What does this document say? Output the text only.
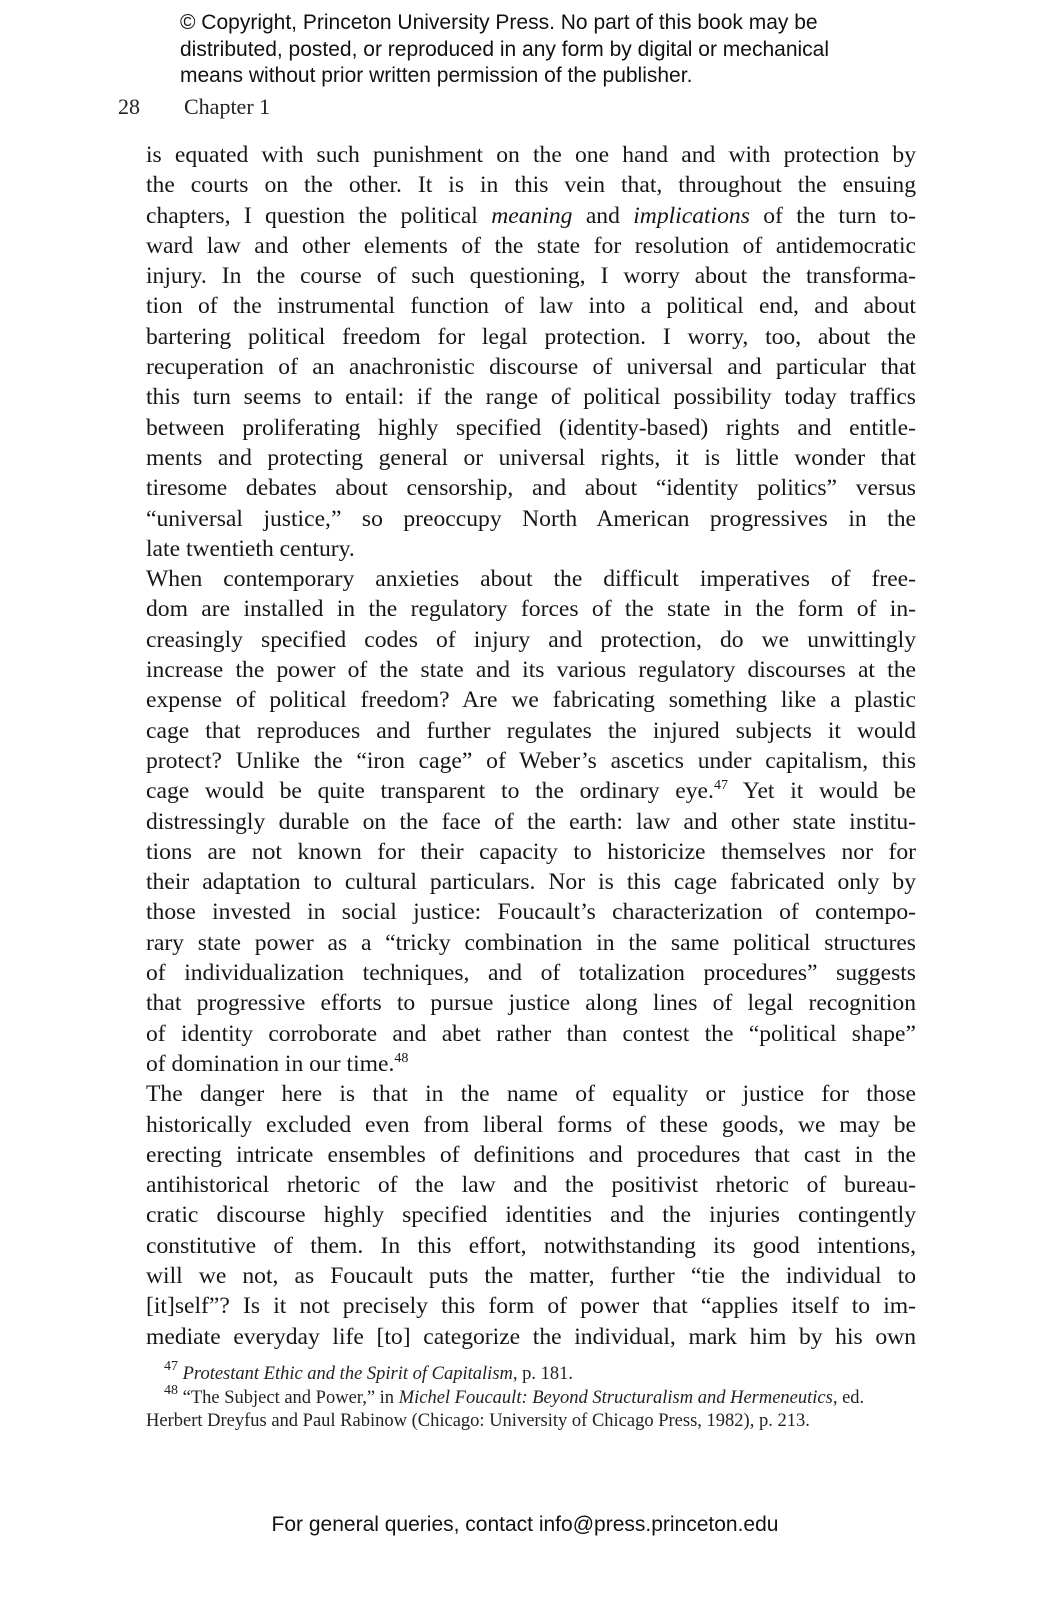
© Copyright, Princeton University Press. No part of this book may be
distributed, posted, or reproduced in any form by digital or mechanical
means without prior written permission of the publisher.
28 Chapter 1

is equated with such punishment on the one hand and with protection by
the courts on the other. It is in this vein that, throughout the ensuing
chapters, I question the political meaning and implications of the turn to-
ward law and other elements of the state for resolution of antidemocratic
injury. In the course of such questioning, I worry about the transforma-
tion of the instrumental function of law into a political end, and about
bartering political freedom for legal protection. I worry, too, about the
recuperation of an anachronistic discourse of universal and particular that
this turn seems to entail: if the range of political possibility today traffics
between proliferating highly specified (identity-based) rights and entitle-
ments and protecting general or universal rights, it is little wonder that
tiresome debates about censorship, and about “identity politics” versus
“universal justice,” so preoccupy North American progressives in the
late twentieth century.

When contemporary anxieties about the difficult imperatives of free-
dom are installed in the regulatory forces of the state in the form of in-
creasingly specified codes of injury and protection, do we unwittingly
increase the power of the state and its various regulatory discourses at the
expense of political freedom? Are we fabricating something like a plastic
cage that reproduces and further regulates the injured subjects it would
protect? Unlike the “iron cage” of Weber’s ascetics under capitalism, this
cage would be quite transparent to the ordinary eye.$^{47}$ Yet it would be
distressingly durable on the face of the earth: law and other state institu-
tions are not known for their capacity to historicize themselves nor for
their adaptation to cultural particulars. Nor is this cage fabricated only by
those invested in social justice: Foucault’s characterization of contempo-
rary state power as a “tricky combination in the same political structures
of individualization techniques, and of totalization procedures” suggests
that progressive efforts to pursue justice along lines of legal recognition
of identity corroborate and abet rather than contest the “political shape”
of domination in our time.$^{48}$

The danger here is that in the name of equality or justice for those
historically excluded even from liberal forms of these goods, we may be
erecting intricate ensembles of definitions and procedures that cast in the
antihistorical rhetoric of the law and the positivist rhetoric of bureau-
cratic discourse highly specified identities and the injuries contingently
constitutive of them. In this effort, notwithstanding its good intentions,
will we not, as Foucault puts the matter, further “tie the individual to
[it]self”? Is it not precisely this form of power that “applies itself to im-
mediate everyday life [to] categorize the individual, mark him by his own

$^{47}$ Protestant Ethic and the Spirit of Capitalism, p. 181.
$^{48}$ “The Subject and Power,” in Michel Foucault: Beyond Structuralism and Hermeneutics, ed.
Herbert Dreyfus and Paul Rabinow (Chicago: University of Chicago Press, 1982), p. 213.
For general queries, contact info@press.princeton.edu
